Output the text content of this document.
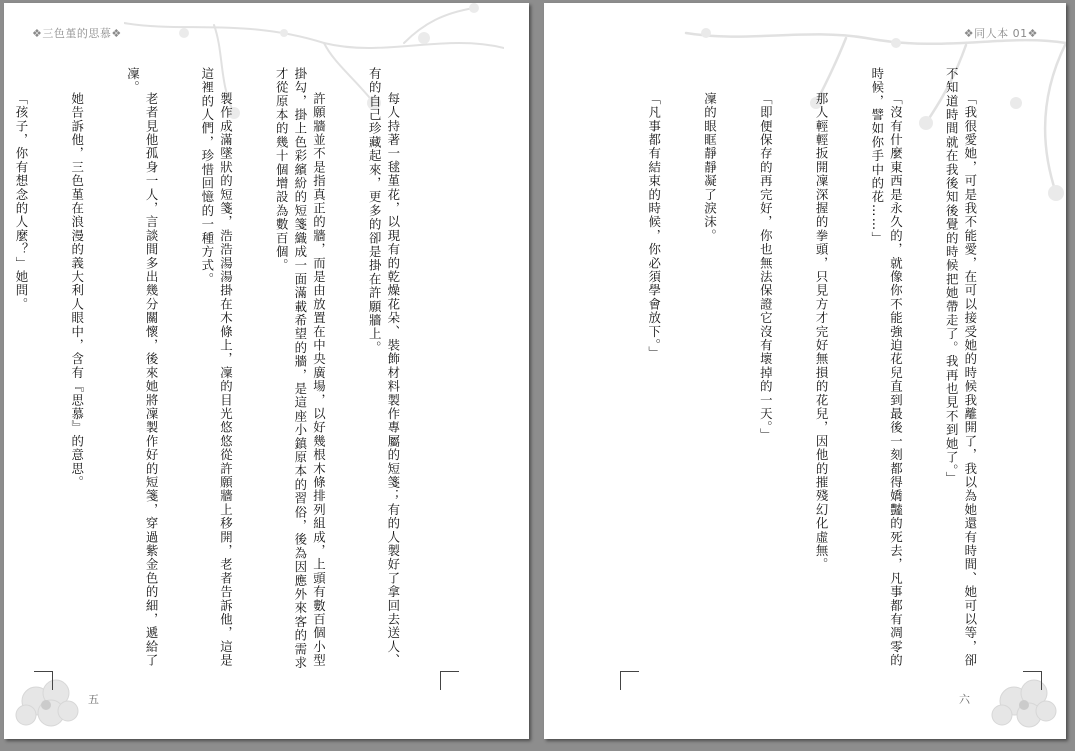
❖三色堇的思慕❖

每人持著一毬堇花，以現有的乾燥花朵、裝飾材料製作專屬的短箋；有的人製好了拿回去送人、有的自己珍藏起來，更多的卻是掛在許願牆上。

許願牆並不是指真正的牆，而是由放置在中央廣場，以好幾根木條排列組成，上頭有數百個小型掛勾，掛上色彩繽紛的短箋織成一面滿載希望的牆，是這座小鎮原本的習俗，後為因應外來客的需求才從原本的幾十個增設為數百個。

製作成滿墜狀的短箋，浩浩湯湯掛在木條上，凜的目光悠悠從許願牆上移開，老者告訴他，這是這裡的人們，珍惜回憶的一種方式。

老者見他孤身一人，言談間多出幾分關懷，後來她將凜製作好的短箋，穿過紫金色的細，遞給了凜。

她告訴他，三色堇在浪漫的義大利人眼中，含有『思慕』的意思。

「孩子，你有想念的人麼？」她問。

五
❖同人本 01❖

「我很愛她，可是我不能愛，在可以接受她的時候我離開了，我以為她還有時間、她可以等，卻不知道時間就在我後知後覺的時候把她帶走了。我再也見不到她了。」

「沒有什麼東西是永久的，就像你不能強迫花兒直到最後一刻都得嬌豔的死去，凡事都有凋零的時候，譬如你手中的花……」

那人輕輕扳開凜深握的拳頭，只見方才完好無損的花兒，因他的摧殘幻化虛無。

「即便保存的再完好，你也無法保證它沒有壞掉的一天。」

凜的眼眶靜靜凝了淚沫。

「凡事都有結束的時候，你必須學會放下。」

六
